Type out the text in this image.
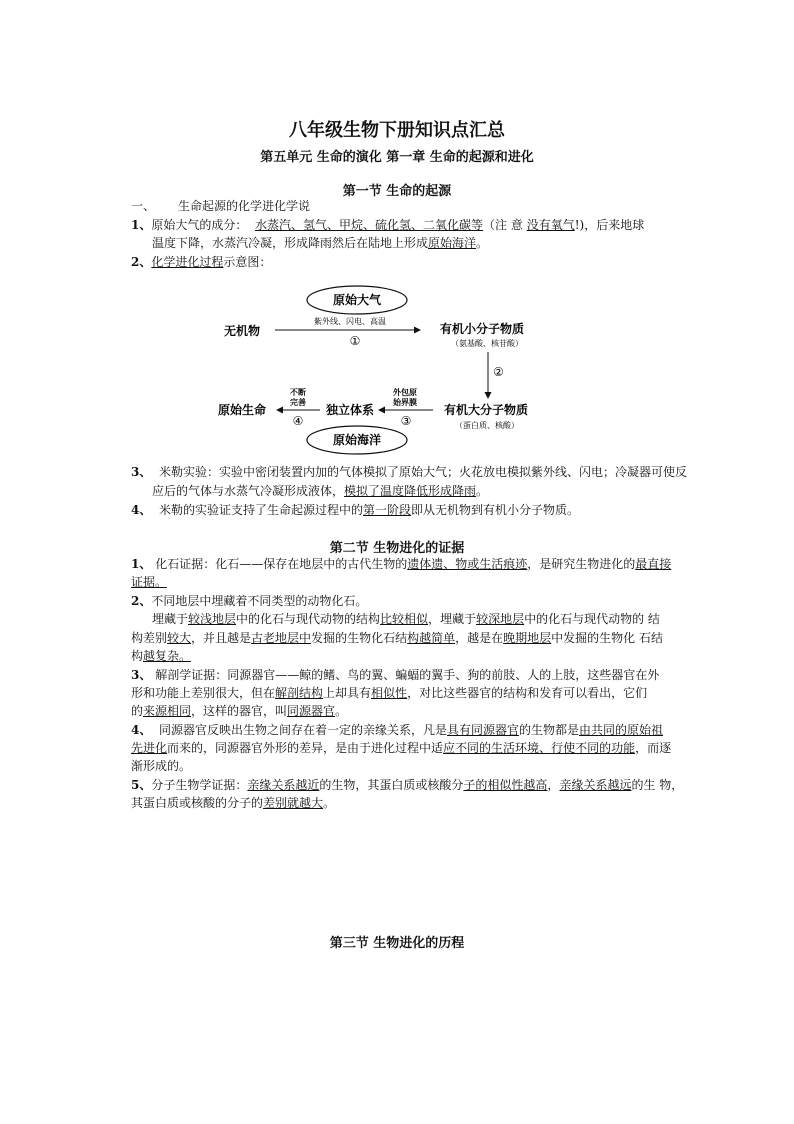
八年级生物下册知识点汇总
第五单元 生命的演化 第一章 生命的起源和进化
第一节 生命的起源
一、 生命起源的化学进化学说
1、原始大气的成分： 水蒸汽、氢气、甲烷、硫化氢、二氧化碳等（注 意 没有氧气!)，后来地球
温度下降，水蒸汽冷凝，形成降雨然后在陆地上形成原始海洋。
2、化学进化过程示意图：
原始大气
无机物
紫外线、闪电、高温
①
有机小分子物质
（氨基酸、核苷酸）
②
有机大分子物质
（蛋白质、核酸）
外包原
始界膜
③
独立体系
不断
完善
④
原始生命
原始海洋
3、 米勒实验：实验中密闭装置内加的气体模拟了原始大气；火花放电模拟紫外线、闪电；冷凝器可使反
应后的气体与水蒸气冷凝形成液体，模拟了温度降低形成降雨。
4、 米勒的实验证支持了生命起源过程中的第一阶段即从无机物到有机小分子物质。
第二节 生物进化的证据
1、 化石证据：化石——保存在地层中的古代生物的遗体遗、物或生活痕迹，是研究生物进化的最直接
证据。
2、不同地层中埋藏着不同类型的动物化石。
埋藏于较浅地层中的化石与现代动物的结构比较相似，埋藏于较深地层中的化石与现代动物的 结
构差别较大，并且越是古老地层中发掘的生物化石结构越简单，越是在晚期地层中发掘的生物化 石结
构越复杂。
3、 解剖学证据：同源器官——鲸的鳍、鸟的翼、蝙蝠的翼手、狗的前肢、人的上肢，这些器官在外
形和功能上差别很大，但在解剖结构上却具有相似性，对比这些器官的结构和发育可以看出，它们
的来源相同，这样的器官，叫同源器官。
4、 同源器官反映出生物之间存在着一定的亲缘关系，凡是具有同源器官的生物都是由共同的原始祖
先进化而来的，同源器官外形的差异，是由于进化过程中适应不同的生活环境、行使不同的功能，而逐
渐形成的。
5、分子生物学证据：亲缘关系越近的生物，其蛋白质或核酸分子的相似性越高，亲缘关系越远的生 物，
其蛋白质或核酸的分子的差别就越大。
第三节 生物进化的历程
